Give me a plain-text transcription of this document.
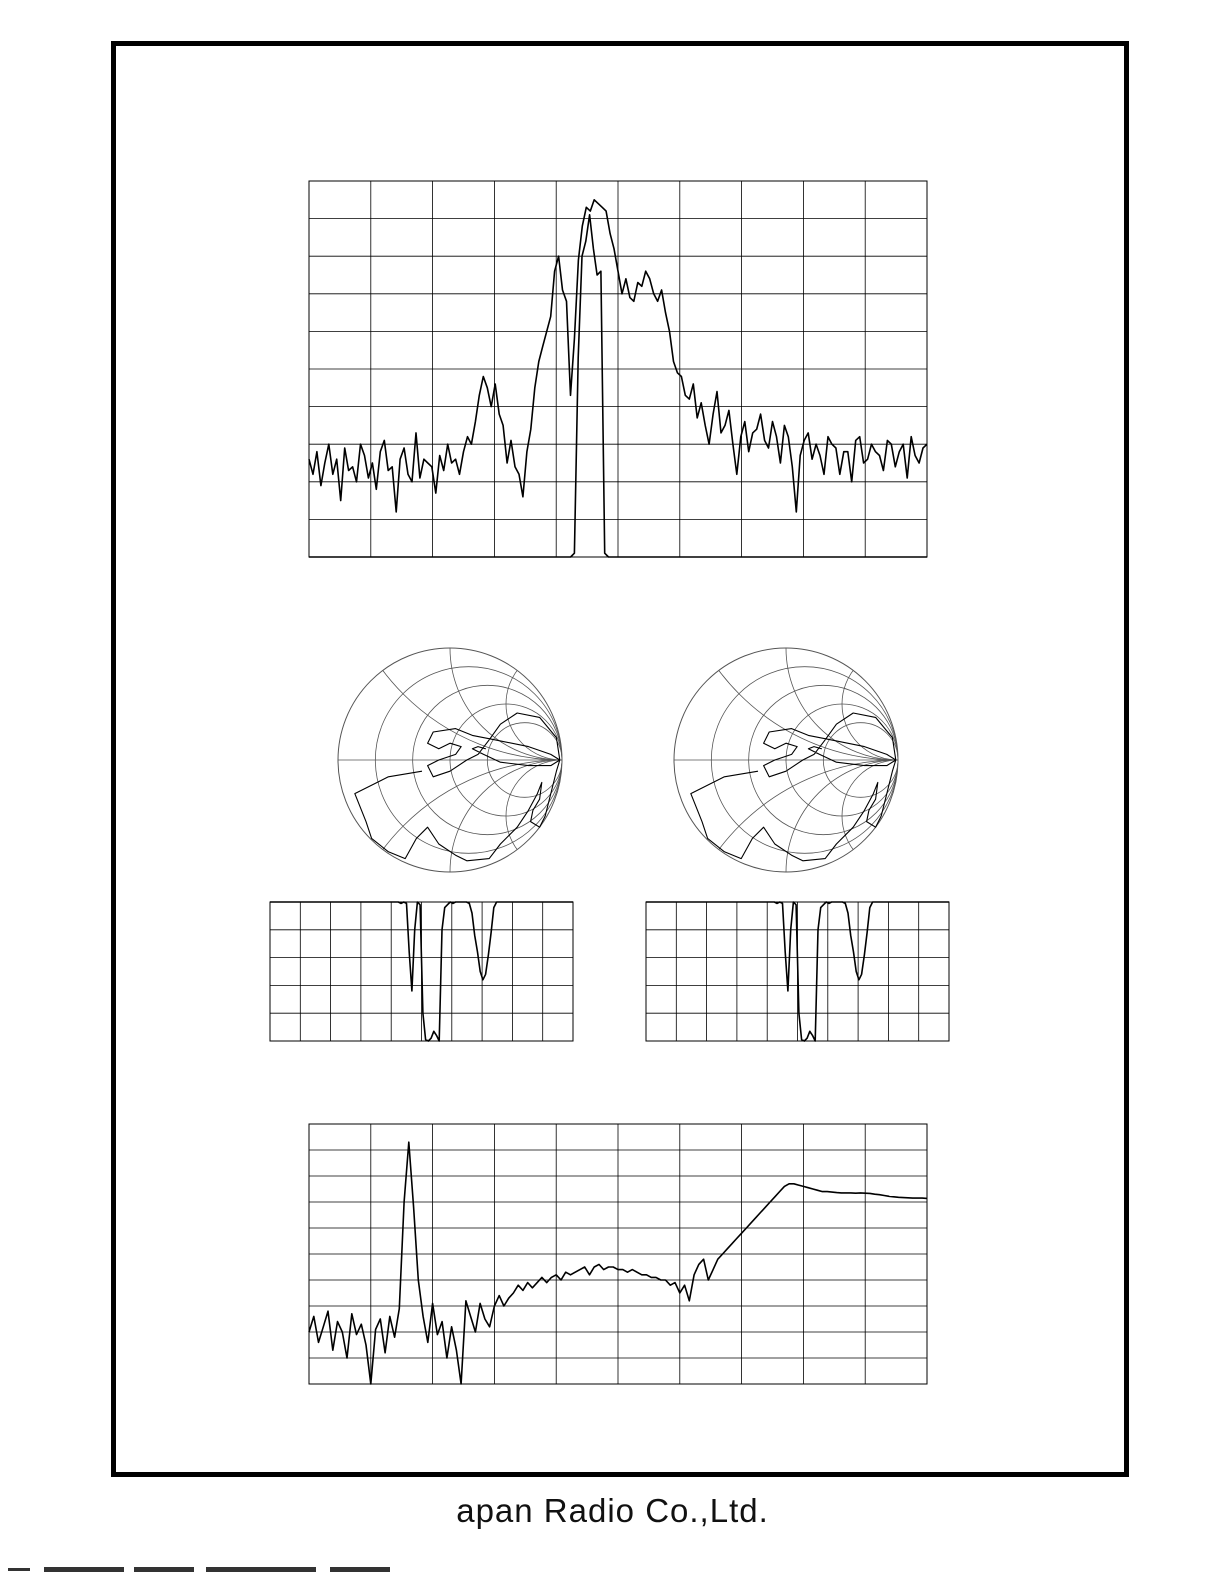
apan Radio Co.,Ltd.
